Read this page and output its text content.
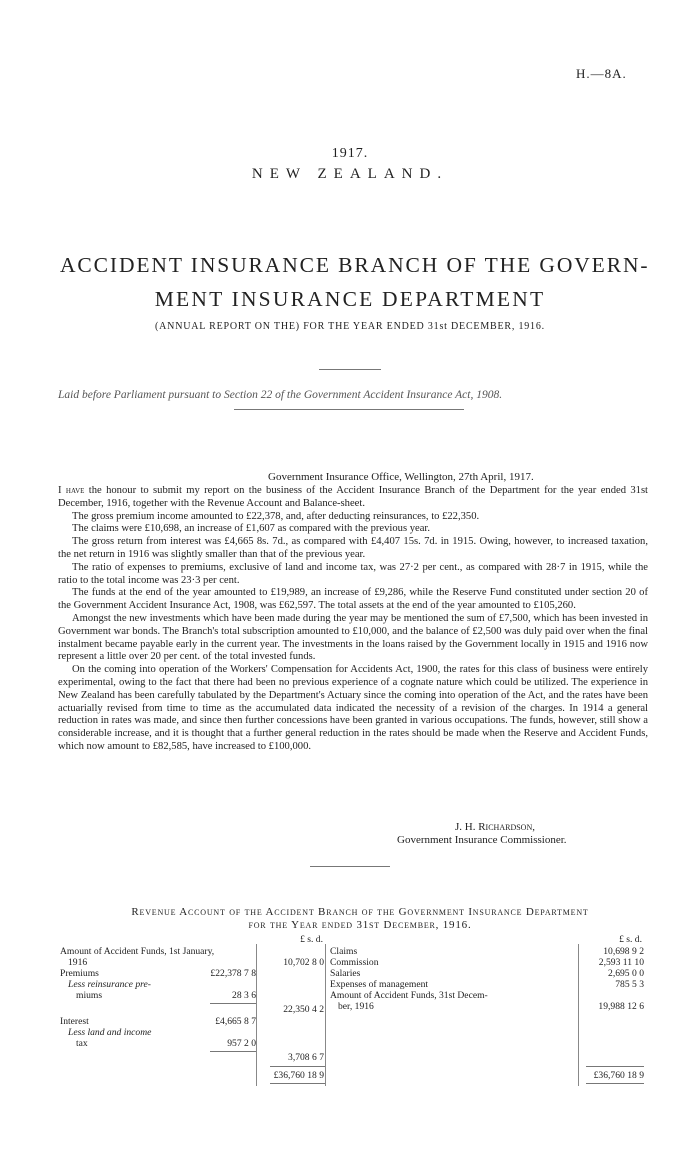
H.—8A.
1917.
NEW ZEALAND.
ACCIDENT INSURANCE BRANCH OF THE GOVERN-
MENT INSURANCE DEPARTMENT
(ANNUAL REPORT ON THE) FOR THE YEAR ENDED 31st DECEMBER, 1916.
Laid before Parliament pursuant to Section 22 of the Government Accident Insurance Act, 1908.
Government Insurance Office, Wellington, 27th April, 1917.

I have the honour to submit my report on the business of the Accident Insurance Branch of the Department for the year ended 31st December, 1916, together with the Revenue Account and Balance-sheet.

The gross premium income amounted to £22,378, and, after deducting reinsurances, to £22,350.

The claims were £10,698, an increase of £1,607 as compared with the previous year.

The gross return from interest was £4,665 8s. 7d., as compared with £4,407 15s. 7d. in 1915. Owing, however, to increased taxation, the net return in 1916 was slightly smaller than that of the previous year.

The ratio of expenses to premiums, exclusive of land and income tax, was 27·2 per cent., as compared with 28·7 in 1915, while the ratio to the total income was 23·3 per cent.

The funds at the end of the year amounted to £19,989, an increase of £9,286, while the Reserve Fund constituted under section 20 of the Government Accident Insurance Act, 1908, was £62,597. The total assets at the end of the year amounted to £105,260.

Amongst the new investments which have been made during the year may be mentioned the sum of £7,500, which has been invested in Government war bonds. The Branch's total subscription amounted to £10,000, and the balance of £2,500 was duly paid over when the final instalment became payable early in the current year. The investments in the loans raised by the Government locally in 1915 and 1916 now represent a little over 20 per cent. of the total invested funds.

On the coming into operation of the Workers' Compensation for Accidents Act, 1900, the rates for this class of business were entirely experimental, owing to the fact that there had been no previous experience of a cognate nature which could be utilized. The experience in New Zealand has been carefully tabulated by the Department's Actuary since the coming into operation of the Act, and the rates have been actuarially revised from time to time as the accumulated data indicated the necessity of a revision of the charges. In 1914 a general reduction in rates was made, and since then further concessions have been granted in various occupations. The funds, however, still show a considerable increase, and it is thought that a further general reduction in the rates should be made when the Reserve and Accident Funds, which now amount to £82,585, have increased to £100,000.

J. H. Richardson,
Government Insurance Commissioner.
Revenue Account of the Accident Branch of the Government Insurance Department
for the Year ended 31st December, 1916.
£ s. d.	£ s. d.
Amount of Accident Funds, 1st January,
1916	10,702 8 0
Premiums	£22,378 7 8
Less reinsurance pre-
miums	28 3 6
22,350 4 2
Interest	£4,665 8 7
Less land and income
tax	957 2 0
3,708 6 7
£36,760 18 9
Claims	10,698 9 2
Commission	2,593 11 10
Salaries	2,695 0 0
Expenses of management	785 5 3
Amount of Accident Funds, 31st Decem-
ber, 1916	19,988 12 6
£36,760 18 9
